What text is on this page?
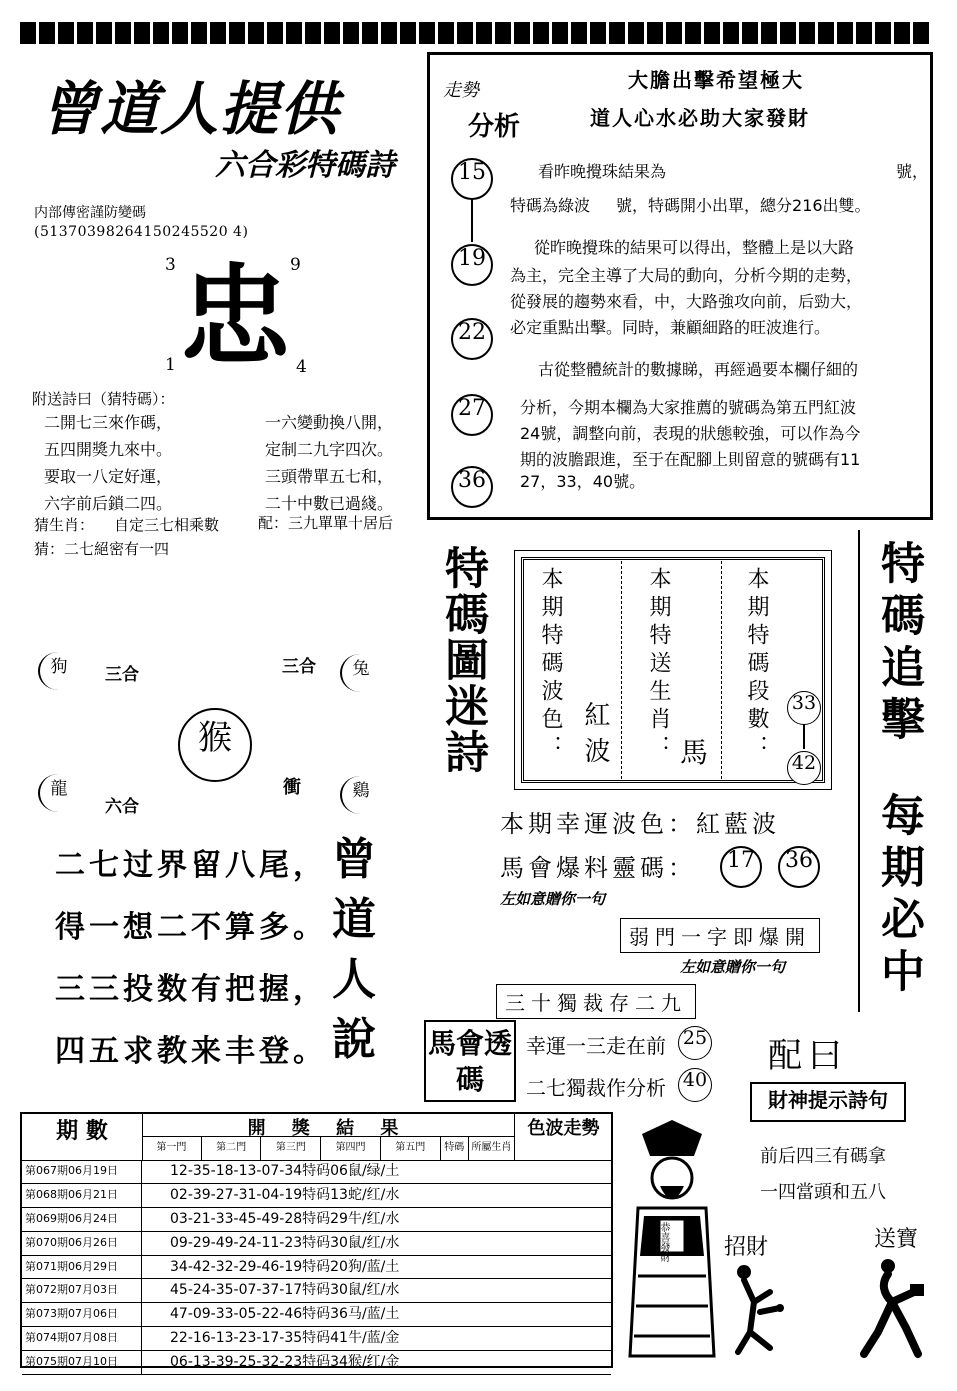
曾道人提供
六合彩特碼詩
内部傳密謹防變碼
(51370398264150245520 4)
3	9
忠
1	4
附送詩曰（猜特碼）：
二開七三來作碼，
五四開獎九來中。
要取一八定好運，
六字前后鎖二四。
一六變動換八開，
定制二九字四次。
三頭帶單五七和，
二十中數已過綫。
猜生肖： 自定三七相乘數	配：三九單單十居后
猜：二七絕密有一四
狗	三合	三合	兔
猴
衝
龍
六合
鷄
二七过界留八尾，
得一想二不算多。
三三投数有把握，
四五求教来丰登。
曾
道
人
說
走勢
分析
大膽出擊希望極大
道人心水必助大家發財
15
19
22
27
36
看昨晚攪珠結果為	號，
特碼為綠波 號，特碼開小出單，總分216出雙。
從昨晚攪珠的結果可以得出，整體上是以大路
為主，完全主導了大局的動向，分析今期的走勢，
從發展的趨勢來看，中，大路強攻向前，后勁大，
必定重點出擊。同時，兼顧細路的旺波進行。
古從整體統計的數據睇，再經過要本欄仔細的
分析，今期本欄為大家推薦的號碼為第五門紅波
24號，調整向前，表現的狀態較強，可以作為今
期的波膽跟進，至于在配腳上則留意的號碼有11
27，33，40號。
特碼圖迷詩 本期特碼波色： 紅波 本期特送生肖： 馬 本期特碼段數： 33
42
本期幸運波色：紅藍波
馬會爆料靈碼：	17	36
左如意贈你一句
弱門一字即爆開
左如意贈你一句
三十獨裁存二九
特碼追擊
每期必中
馬會透碼
幸運一三走在前 25
二七獨裁作分析 40
配曰
財神提示詩句
前后四三有碼拿
一四當頭和五八
招財	送寶
恭喜發財
期 數	開 獎 結 果	色波走勢
第一門	第二門	第三門	第四門	第五門	特碼 所屬生肖
第067期06月19日	12-35-18-13-07-34特码06鼠/绿/土
第068期06月21日	02-39-27-31-04-19特码13蛇/红/水
第069期06月24日	03-21-33-45-49-28特码29牛/红/水
第070期06月26日	09-29-49-24-11-23特码30鼠/红/水
第071期06月29日	34-42-32-29-46-19特码20狗/蓝/土
第072期07月03日	45-24-35-07-37-17特码30鼠/红/水
第073期07月06日	47-09-33-05-22-46特码36马/蓝/土
第074期07月08日	22-16-13-23-17-35特码41牛/蓝/金
第075期07月10日	06-13-39-25-32-23特码34猴/红/金
